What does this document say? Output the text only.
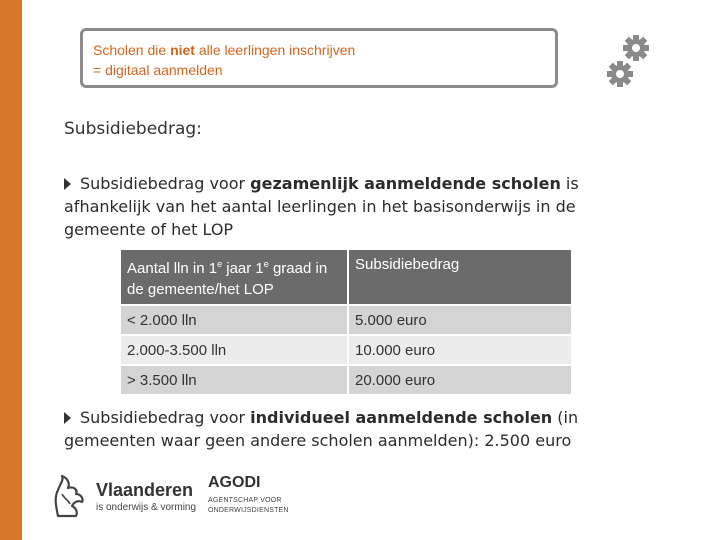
Scholen die niet alle leerlingen inschrijven
= digitaal aanmelden
Subsidiebedrag:
Subsidiebedrag voor gezamenlijk aanmeldende scholen is afhankelijk van het aantal leerlingen in het basisonderwijs in de gemeente of het LOP
Aantal lln in 1e jaar 1e graad in de gemeente/het LOP	Subsidiebedrag
< 2.000 lln	5.000 euro
2.000-3.500 lln	10.000 euro
> 3.500 lln	20.000 euro
Subsidiebedrag voor individueel aanmeldende scholen (in gemeenten waar geen andere scholen aanmelden): 2.500 euro
Vlaanderen
is onderwijs & vorming
AGODI
AGENTSCHAP VOOR ONDERWIJSDIENSTEN
